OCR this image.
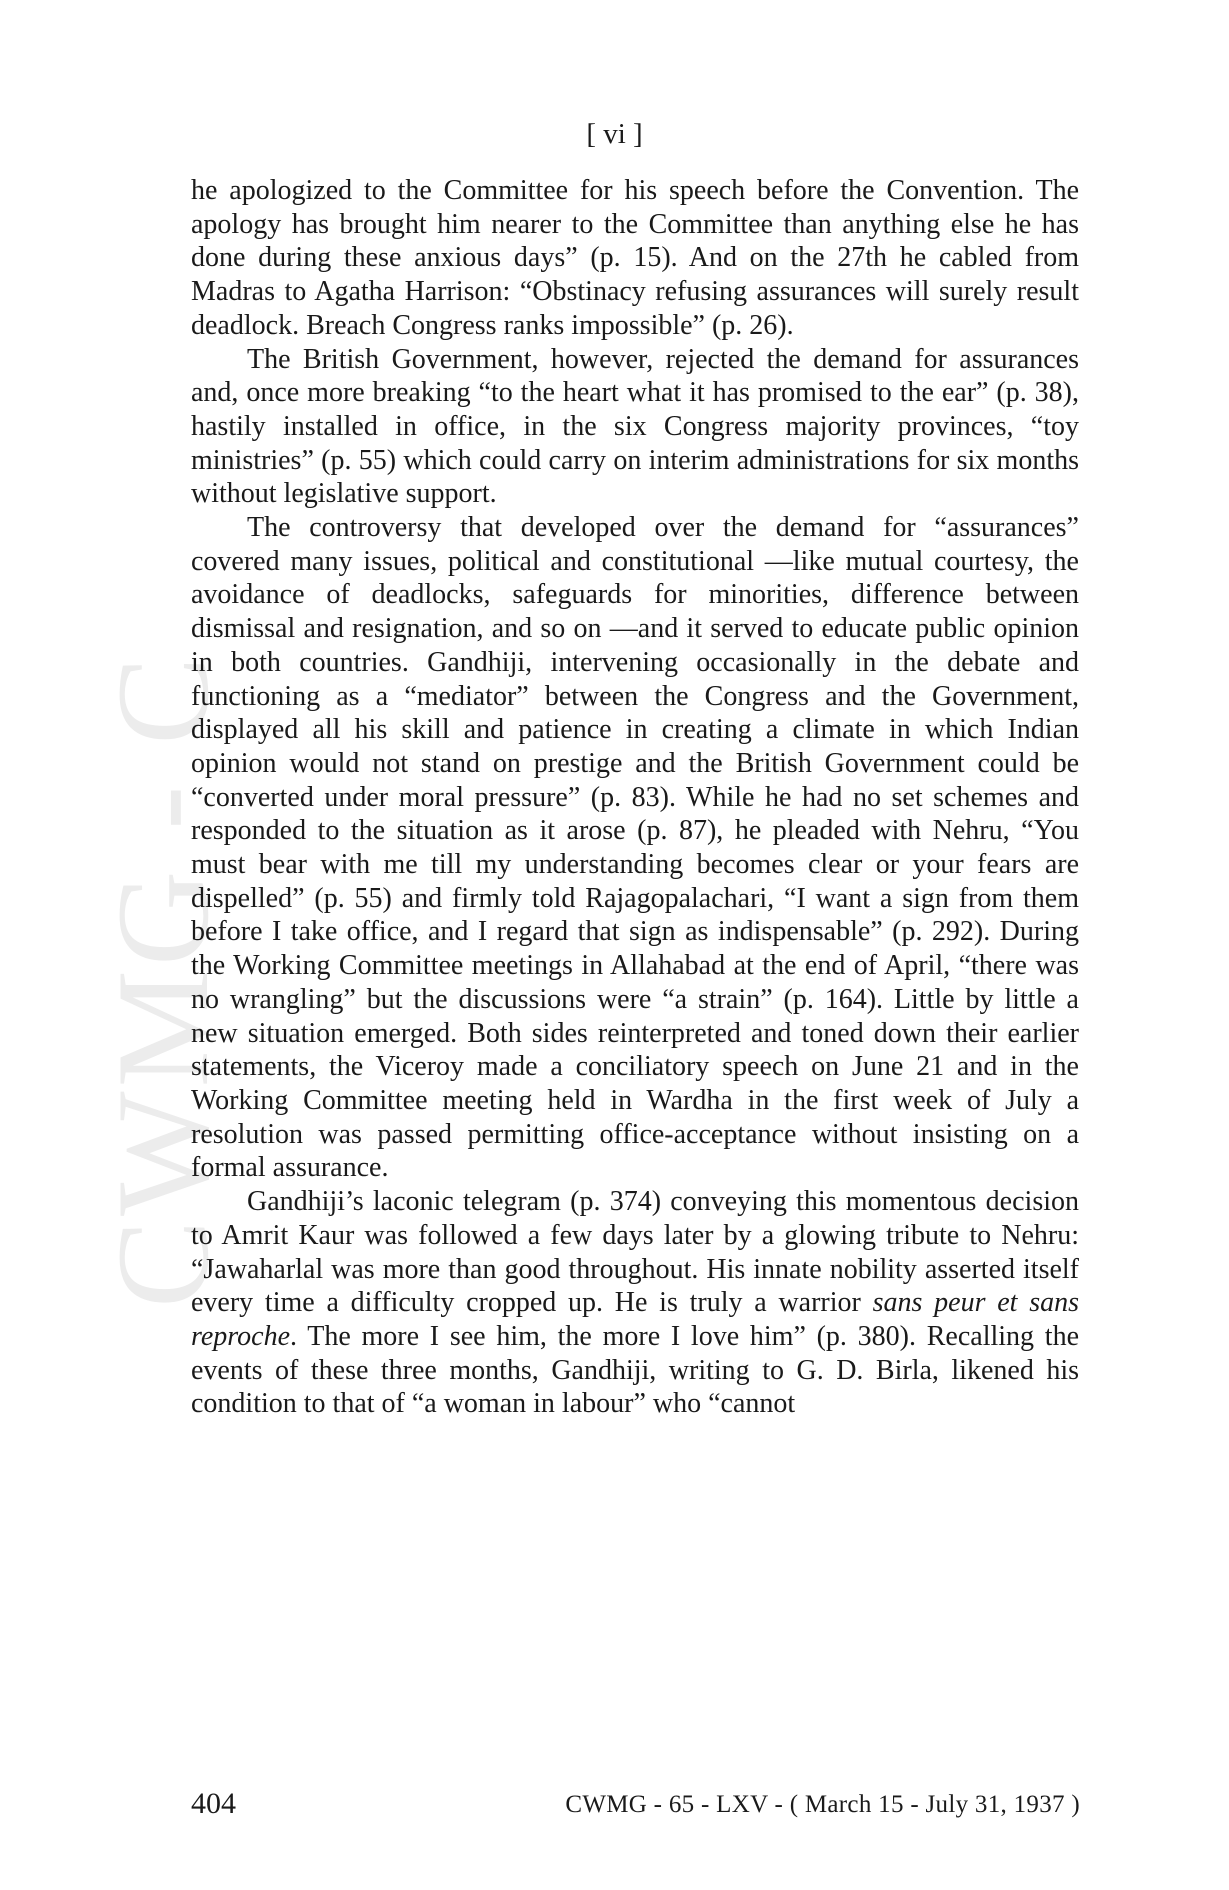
CWMG - C
[ vi ]

he apologized to the Committee for his speech before the Convention. The apology has brought him nearer to the Committee than anything else he has done during these anxious days” (p. 15). And on the 27th he cabled from Madras to Agatha Harrison: “Obstinacy refusing assurances will surely result deadlock. Breach Congress ranks impossible” (p. 26).

The British Government, however, rejected the demand for assurances and, once more breaking “to the heart what it has promised to the ear” (p. 38), hastily installed in office, in the six Congress majority provinces, “toy ministries” (p. 55) which could carry on interim administrations for six months without legislative support.

The controversy that developed over the demand for “assurances” covered many issues, political and constitutional —like mutual courtesy, the avoidance of deadlocks, safeguards for minorities, difference between dismissal and resignation, and so on —and it served to educate public opinion in both countries. Gandhiji, intervening occasionally in the debate and functioning as a “mediator” between the Congress and the Government, displayed all his skill and patience in creating a climate in which Indian opinion would not stand on prestige and the British Government could be “converted under moral pressure” (p. 83). While he had no set schemes and responded to the situation as it arose (p. 87), he pleaded with Nehru, “You must bear with me till my understanding becomes clear or your fears are dispelled” (p. 55) and firmly told Rajagopalachari, “I want a sign from them before I take office, and I regard that sign as indispensable” (p. 292). During the Working Committee meetings in Allahabad at the end of April, “there was no wrangling” but the discussions were “a strain” (p. 164). Little by little a new situation emerged. Both sides reinterpreted and toned down their earlier statements, the Viceroy made a conciliatory speech on June 21 and in the Working Committee meeting held in Wardha in the first week of July a resolution was passed permitting office-acceptance without insisting on a formal assurance.

Gandhiji’s laconic telegram (p. 374) conveying this momentous decision to Amrit Kaur was followed a few days later by a glowing tribute to Nehru: “Jawaharlal was more than good throughout. His innate nobility asserted itself every time a difficulty cropped up. He is truly a warrior sans peur et sans reproche. The more I see him, the more I love him” (p. 380). Recalling the events of these three months, Gandhiji, writing to G. D. Birla, likened his condition to that of “a woman in labour” who “cannot

404	CWMG - 65 - LXV - ( March 15 - July 31, 1937 )
